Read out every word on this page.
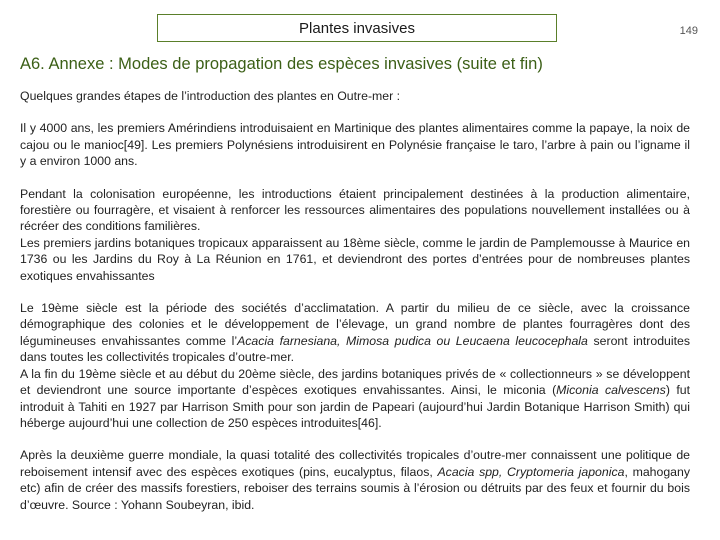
Plantes invasives	149
A6. Annexe : Modes de propagation des espèces invasives (suite et fin)

Quelques grandes étapes de l’introduction des plantes en Outre-mer :

Il y 4000 ans, les premiers Amérindiens introduisaient en Martinique des plantes alimentaires comme la papaye, la noix de cajou ou le manioc[49]. Les premiers Polynésiens introduisirent en Polynésie française le taro, l’arbre à pain ou l’igname il y a environ 1000 ans.

Pendant la colonisation européenne, les introductions étaient principalement destinées à la production alimentaire, forestière ou fourragère, et visaient à renforcer les ressources alimentaires des populations nouvellement installées ou à récréer des conditions familières.

Les premiers jardins botaniques tropicaux apparaissent au 18ème siècle, comme le jardin de Pamplemousse à Maurice en 1736 ou les Jardins du Roy à La Réunion en 1761, et deviendront des portes d’entrées pour de nombreuses plantes exotiques envahissantes

Le 19ème siècle est la période des sociétés d’acclimatation. A partir du milieu de ce siècle, avec la croissance démographique des colonies et le développement de l’élevage, un grand nombre de plantes fourragères dont des légumineuses envahissantes comme l’Acacia farnesiana, Mimosa pudica ou Leucaena leucocephala seront introduites dans toutes les collectivités tropicales d’outre-mer.

A la fin du 19ème siècle et au début du 20ème siècle, des jardins botaniques privés de « collectionneurs » se développent et deviendront une source importante d’espèces exotiques envahissantes. Ainsi, le miconia (Miconia calvescens) fut introduit à Tahiti en 1927 par Harrison Smith pour son jardin de Papeari (aujourd’hui Jardin Botanique Harrison Smith) qui héberge aujourd’hui une collection de 250 espèces introduites[46].

Après la deuxième guerre mondiale, la quasi totalité des collectivités tropicales d’outre-mer connaissent une politique de reboisement intensif avec des espèces exotiques (pins, eucalyptus, filaos, Acacia spp, Cryptomeria japonica, mahogany etc) afin de créer des massifs forestiers, reboiser des terrains soumis à l’érosion ou détruits par des feux et fournir du bois d’œuvre. Source : Yohann Soubeyran, ibid.
